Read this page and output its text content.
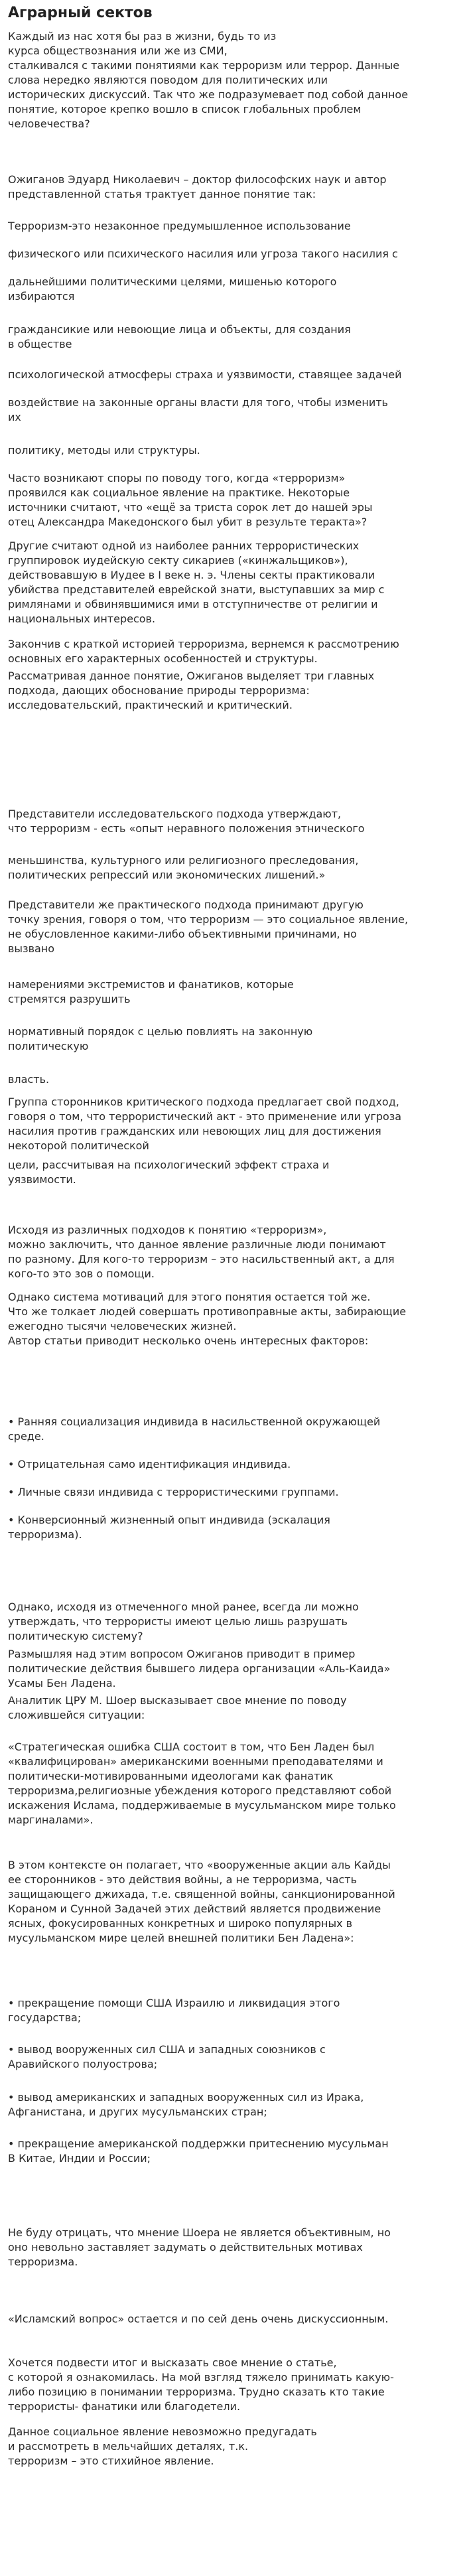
Аграрный сектов
Каждый из нас хотя бы раз в жизни, будь то из
курса обществознания или же из СМИ,
сталкивался с такими понятиями как терроризм или террор. Данные
слова нередко являются поводом для политических или
исторических дискуссий. Так что же подразумевает под собой данное
понятие, которое крепко вошло в список глобальных проблем
человечества?
Ожиганов Эдуард Николаевич – доктор философских наук и автор
представленной статья трактует данное понятие так:
Терроризм-это незаконное предумышленное использование
физического или психического насилия или угроза такого насилия с
дальнейшими политическими целями, мишенью которого
избираются
граждансикие или невоющие лица и объекты, для создания
в обществе
психологической атмосферы страха и уязвимости, ставящее задачей
воздействие на законные органы власти для того, чтобы изменить
их
политику, методы или структуры.
Часто возникают споры по поводу того, когда «терроризм»
проявился как социальное явление на практике. Некоторые
источники считают, что «ещё за триста сорок лет до нашей эры
отец Александра Македонского был убит в результе теракта»?
Другие считают одной из наиболее ранних террористических
группировок иудейскую секту сикариев («кинжальщиков»),
действовавшую в Иудее в I веке н. э. Члены секты практиковали
убийства представителей еврейской знати, выступавших за мир с
римлянами и обвинявшимися ими в отступничестве от религии и
национальных интересов.
Закончив с краткой историей терроризма, вернемся к рассмотрению
основных его характерных особенностей и структуры.
Рассматривая данное понятие, Ожиганов выделяет три главных
подхода, дающих обоснование природы терроризма:
исследовательский, практический и критический.
Представители исследовательского подхода утверждают,
что терроризм - есть «опыт неравного положения этнического
меньшинства, культурного или религиозного преследования,
политических репрессий или экономических лишений.»
Представители же практического подхода принимают другую
точку зрения, говоря о том, что терроризм — это социальное явление,
не обусловленное какими-либо объективными причинами, но
вызвано
намерениями экстремистов и фанатиков, которые
стремятся разрушить
нормативный порядок с целью повлиять на законную
политическую
власть.
Группа сторонников критического подхода предлагает свой подход,
говоря о том, что террористический акт - это применение или угроза
насилия против гражданских или невоющих лиц для достижения
некоторой политической
цели, рассчитывая на психологический эффект страха и
уязвимости.
Исходя из различных подходов к понятию «терроризм»,
можно заключить, что данное явление различные люди понимают
по разному. Для кого-то терроризм – это насильственный акт, а для
кого-то это зов о помощи.
Однако система мотиваций для этого понятия остается той же.
Что же толкает людей совершать противоправные акты, забирающие
ежегодно тысячи человеческих жизней.
Автор статьи приводит несколько очень интересных факторов:
• Ранняя социализация индивида в насильственной окружающей
среде.
• Отрицательная само идентификация индивида.
• Личные связи индивида с террористическими группами.
• Конверсионный жизненный опыт индивида (эскалация
терроризма).
Однако, исходя из отмеченного мной ранее, всегда ли можно
утверждать, что террористы имеют целью лишь разрушать
политическую систему?
Размышляя над этим вопросом Ожиганов приводит в пример
политические действия бывшего лидера организации «Аль-Каида»
Усамы Бен Ладена.
Аналитик ЦРУ М. Шоер высказывает свое мнение по поводу
сложившейся ситуации:
«Стратегическая ошибка США состоит в том, что Бен Ладен был
«квалифицирован» американскими военными преподавателями и
политически-мотивированными идеологами как фанатик
терроризма,религиозные убеждения которого представляют собой
искажения Ислама, поддерживаемые в мусульманском мире только
маргиналами».
В этом контексте он полагает, что «вооруженные акции аль Кайды
ее сторонников - это действия войны, а не терроризма, часть
защищающего джихада, т.е. священной войны, санкционированной
Кораном и Сунной Задачей этих действий является продвижение
ясных, фокусированных конкретных и широко популярных в
мусульманском мире целей внешней политики Бен Ладена»:
• прекращение помощи США Израилю и ликвидация этого
государства;
• вывод вооруженных сил США и западных союзников с
Аравийского полуострова;
• вывод американских и западных вооруженных сил из Ирака,
Афганистана, и других мусульманских стран;
• прекращение американской поддержки притеснению мусульман
В Китае, Индии и России;
Не буду отрицать, что мнение Шоера не является объективным, но
оно невольно заставляет задумать о действительных мотивах
терроризма.
«Исламский вопрос» остается и по сей день очень дискуссионным.
Хочется подвести итог и высказать свое мнение о статье,
с которой я ознакомилась. На мой взгляд тяжело принимать какую-
либо позицию в понимании терроризма. Трудно сказать кто такие
террористы- фанатики или благодетели.
Данное социальное явление невозможно предугадать
и рассмотреть в мельчайших деталях, т.к.
терроризм – это стихийное явление.
